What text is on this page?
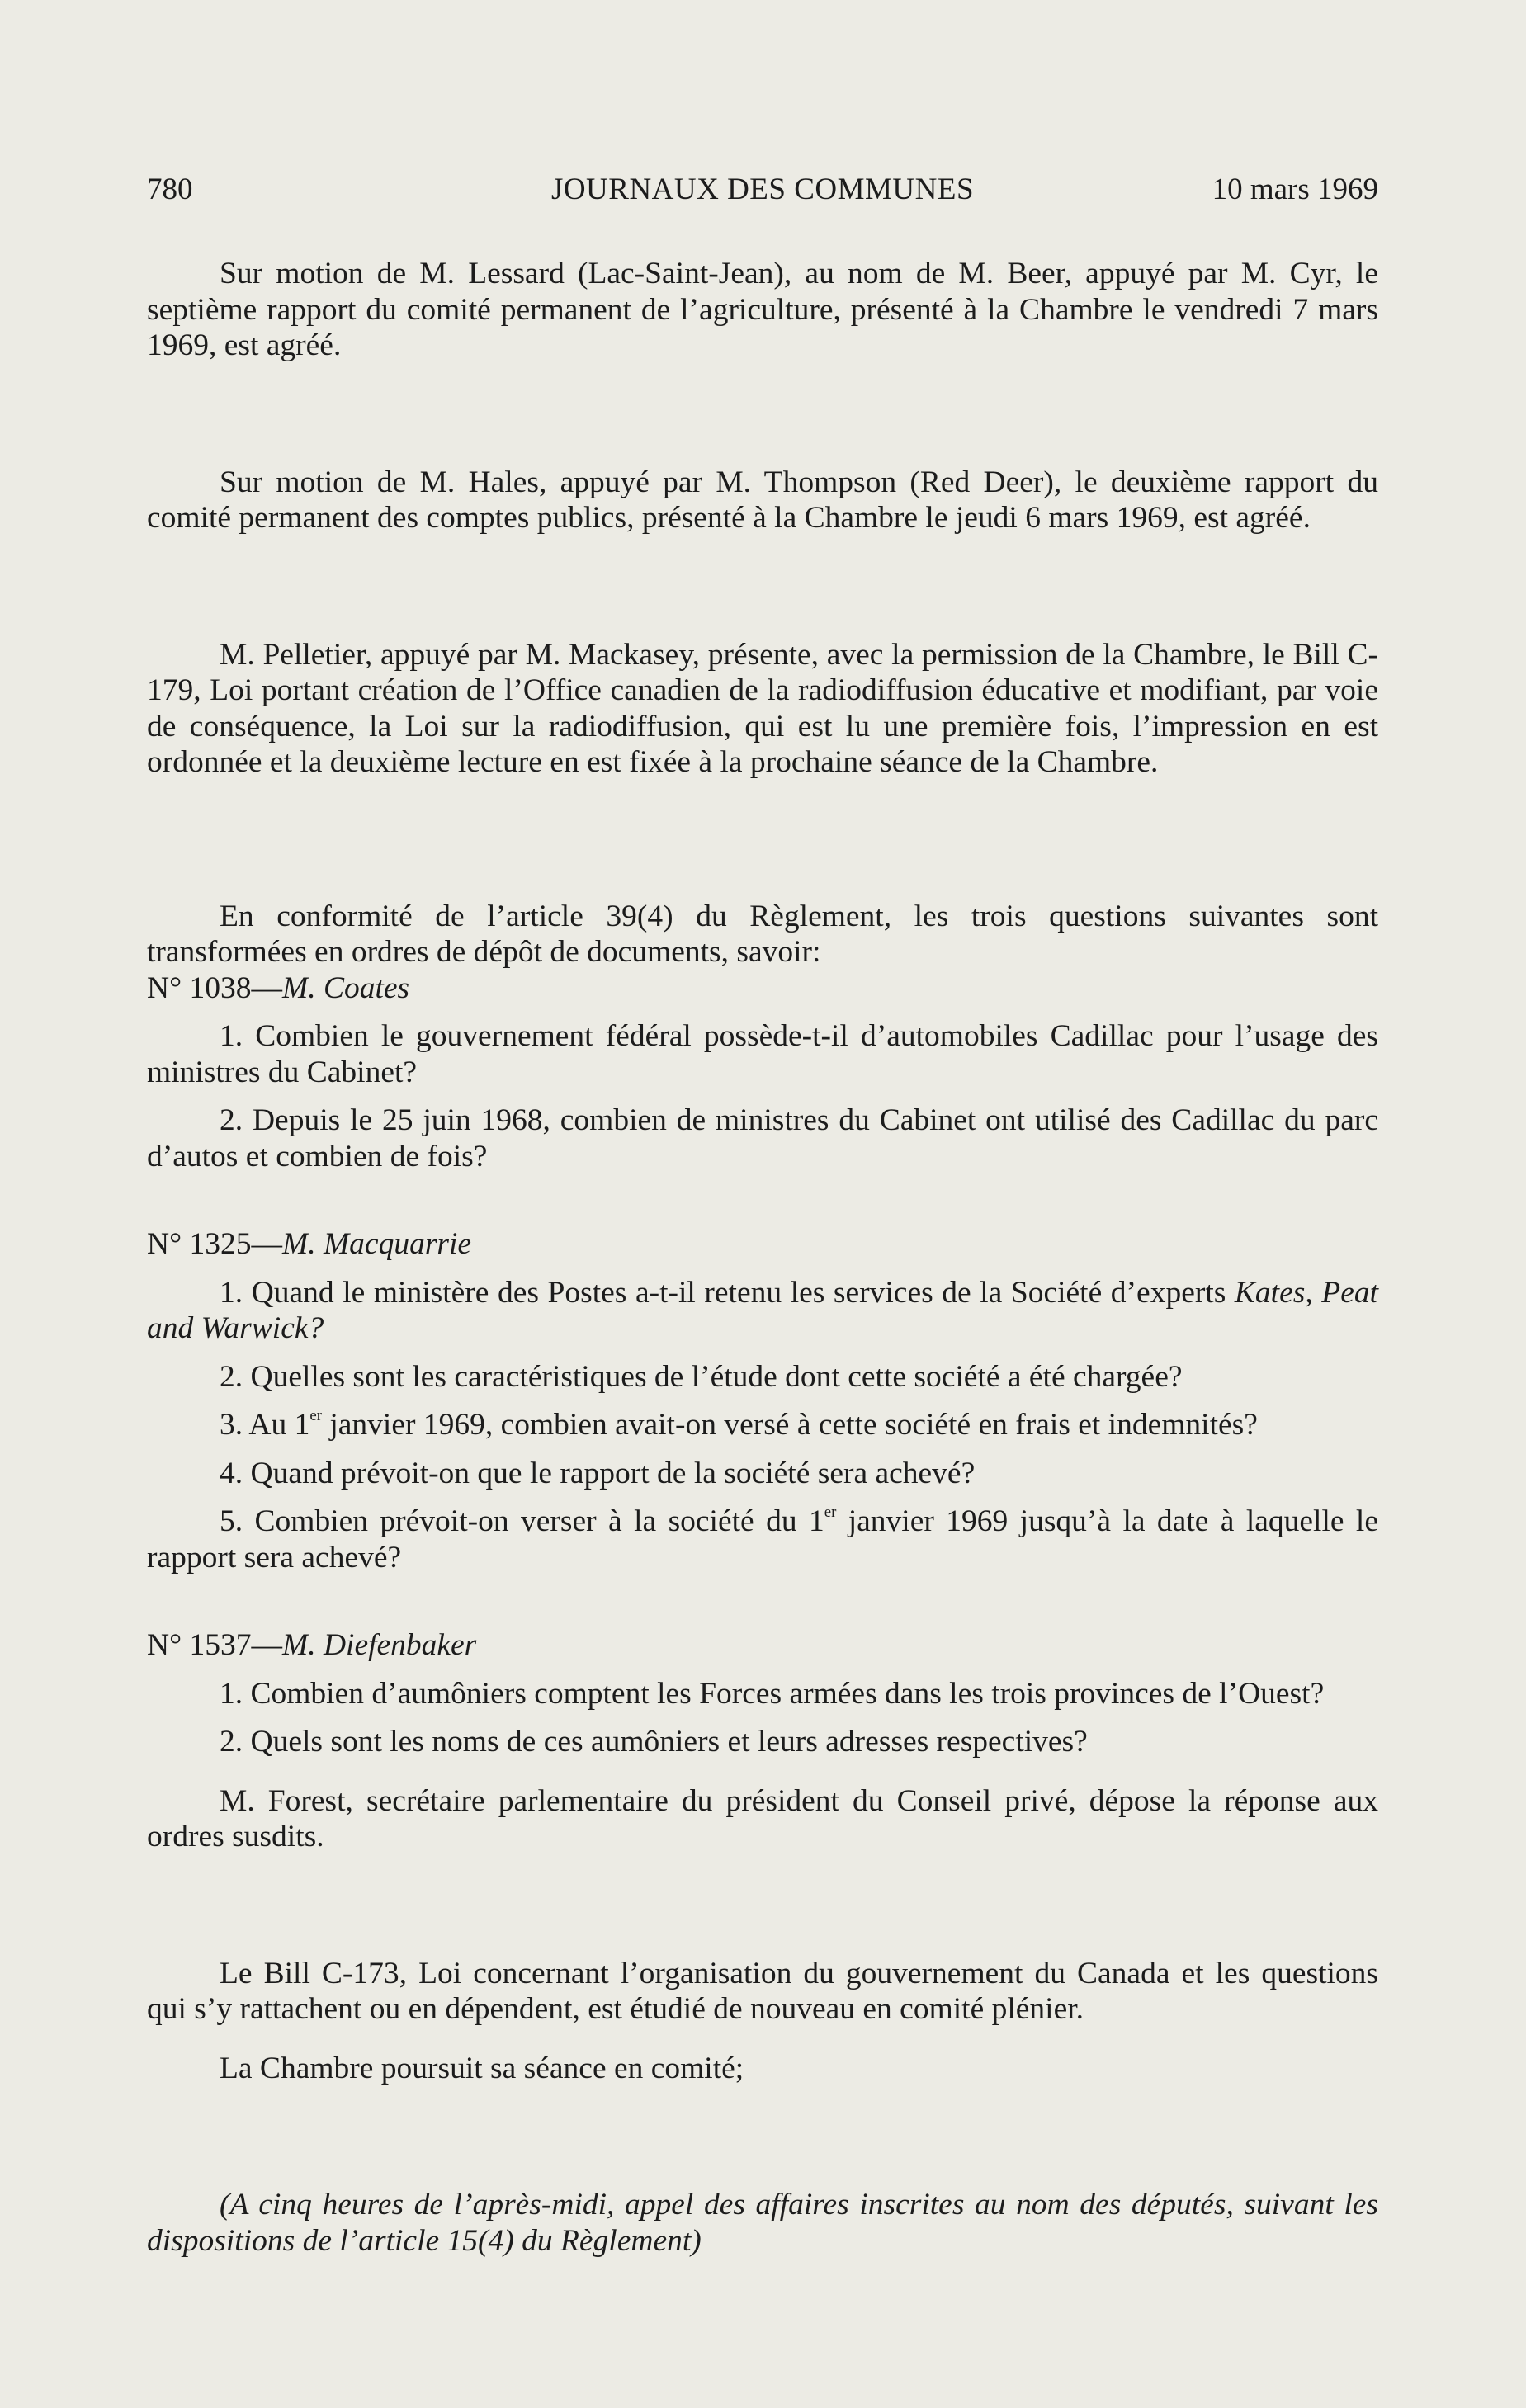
JOURNAUX DES COMMUNES
780	10 mars 1969

Sur motion de M. Lessard (Lac-Saint-Jean), au nom de M. Beer, appuyé par M. Cyr, le septième rapport du comité permanent de l’agriculture, présenté à la Chambre le vendredi 7 mars 1969, est agréé.

Sur motion de M. Hales, appuyé par M. Thompson (Red Deer), le deuxième rapport du comité permanent des comptes publics, présenté à la Chambre le jeudi 6 mars 1969, est agréé.

M. Pelletier, appuyé par M. Mackasey, présente, avec la permission de la Chambre, le Bill C-179, Loi portant création de l’Office canadien de la radiodiffusion éducative et modifiant, par voie de conséquence, la Loi sur la radiodiffusion, qui est lu une première fois, l’impression en est ordonnée et la deuxième lecture en est fixée à la prochaine séance de la Chambre.

En conformité de l’article 39(4) du Règlement, les trois questions suivantes sont transformées en ordres de dépôt de documents, savoir:

N° 1038—M. Coates

1. Combien le gouvernement fédéral possède-t-il d’automobiles Cadillac pour l’usage des ministres du Cabinet?

2. Depuis le 25 juin 1968, combien de ministres du Cabinet ont utilisé des Cadillac du parc d’autos et combien de fois?

N° 1325—M. Macquarrie

1. Quand le ministère des Postes a-t-il retenu les services de la Société d’experts Kates, Peat and Warwick?

2. Quelles sont les caractéristiques de l’étude dont cette société a été chargée?

3. Au 1er janvier 1969, combien avait-on versé à cette société en frais et indemnités?

4. Quand prévoit-on que le rapport de la société sera achevé?

5. Combien prévoit-on verser à la société du 1er janvier 1969 jusqu’à la date à laquelle le rapport sera achevé?

N° 1537—M. Diefenbaker

1. Combien d’aumôniers comptent les Forces armées dans les trois provinces de l’Ouest?

2. Quels sont les noms de ces aumôniers et leurs adresses respectives?

M. Forest, secrétaire parlementaire du président du Conseil privé, dépose la réponse aux ordres susdits.

Le Bill C-173, Loi concernant l’organisation du gouvernement du Canada et les questions qui s’y rattachent ou en dépendent, est étudié de nouveau en comité plénier.

La Chambre poursuit sa séance en comité;

(A cinq heures de l’après-midi, appel des affaires inscrites au nom des députés, suivant les dispositions de l’article 15(4) du Règlement)
